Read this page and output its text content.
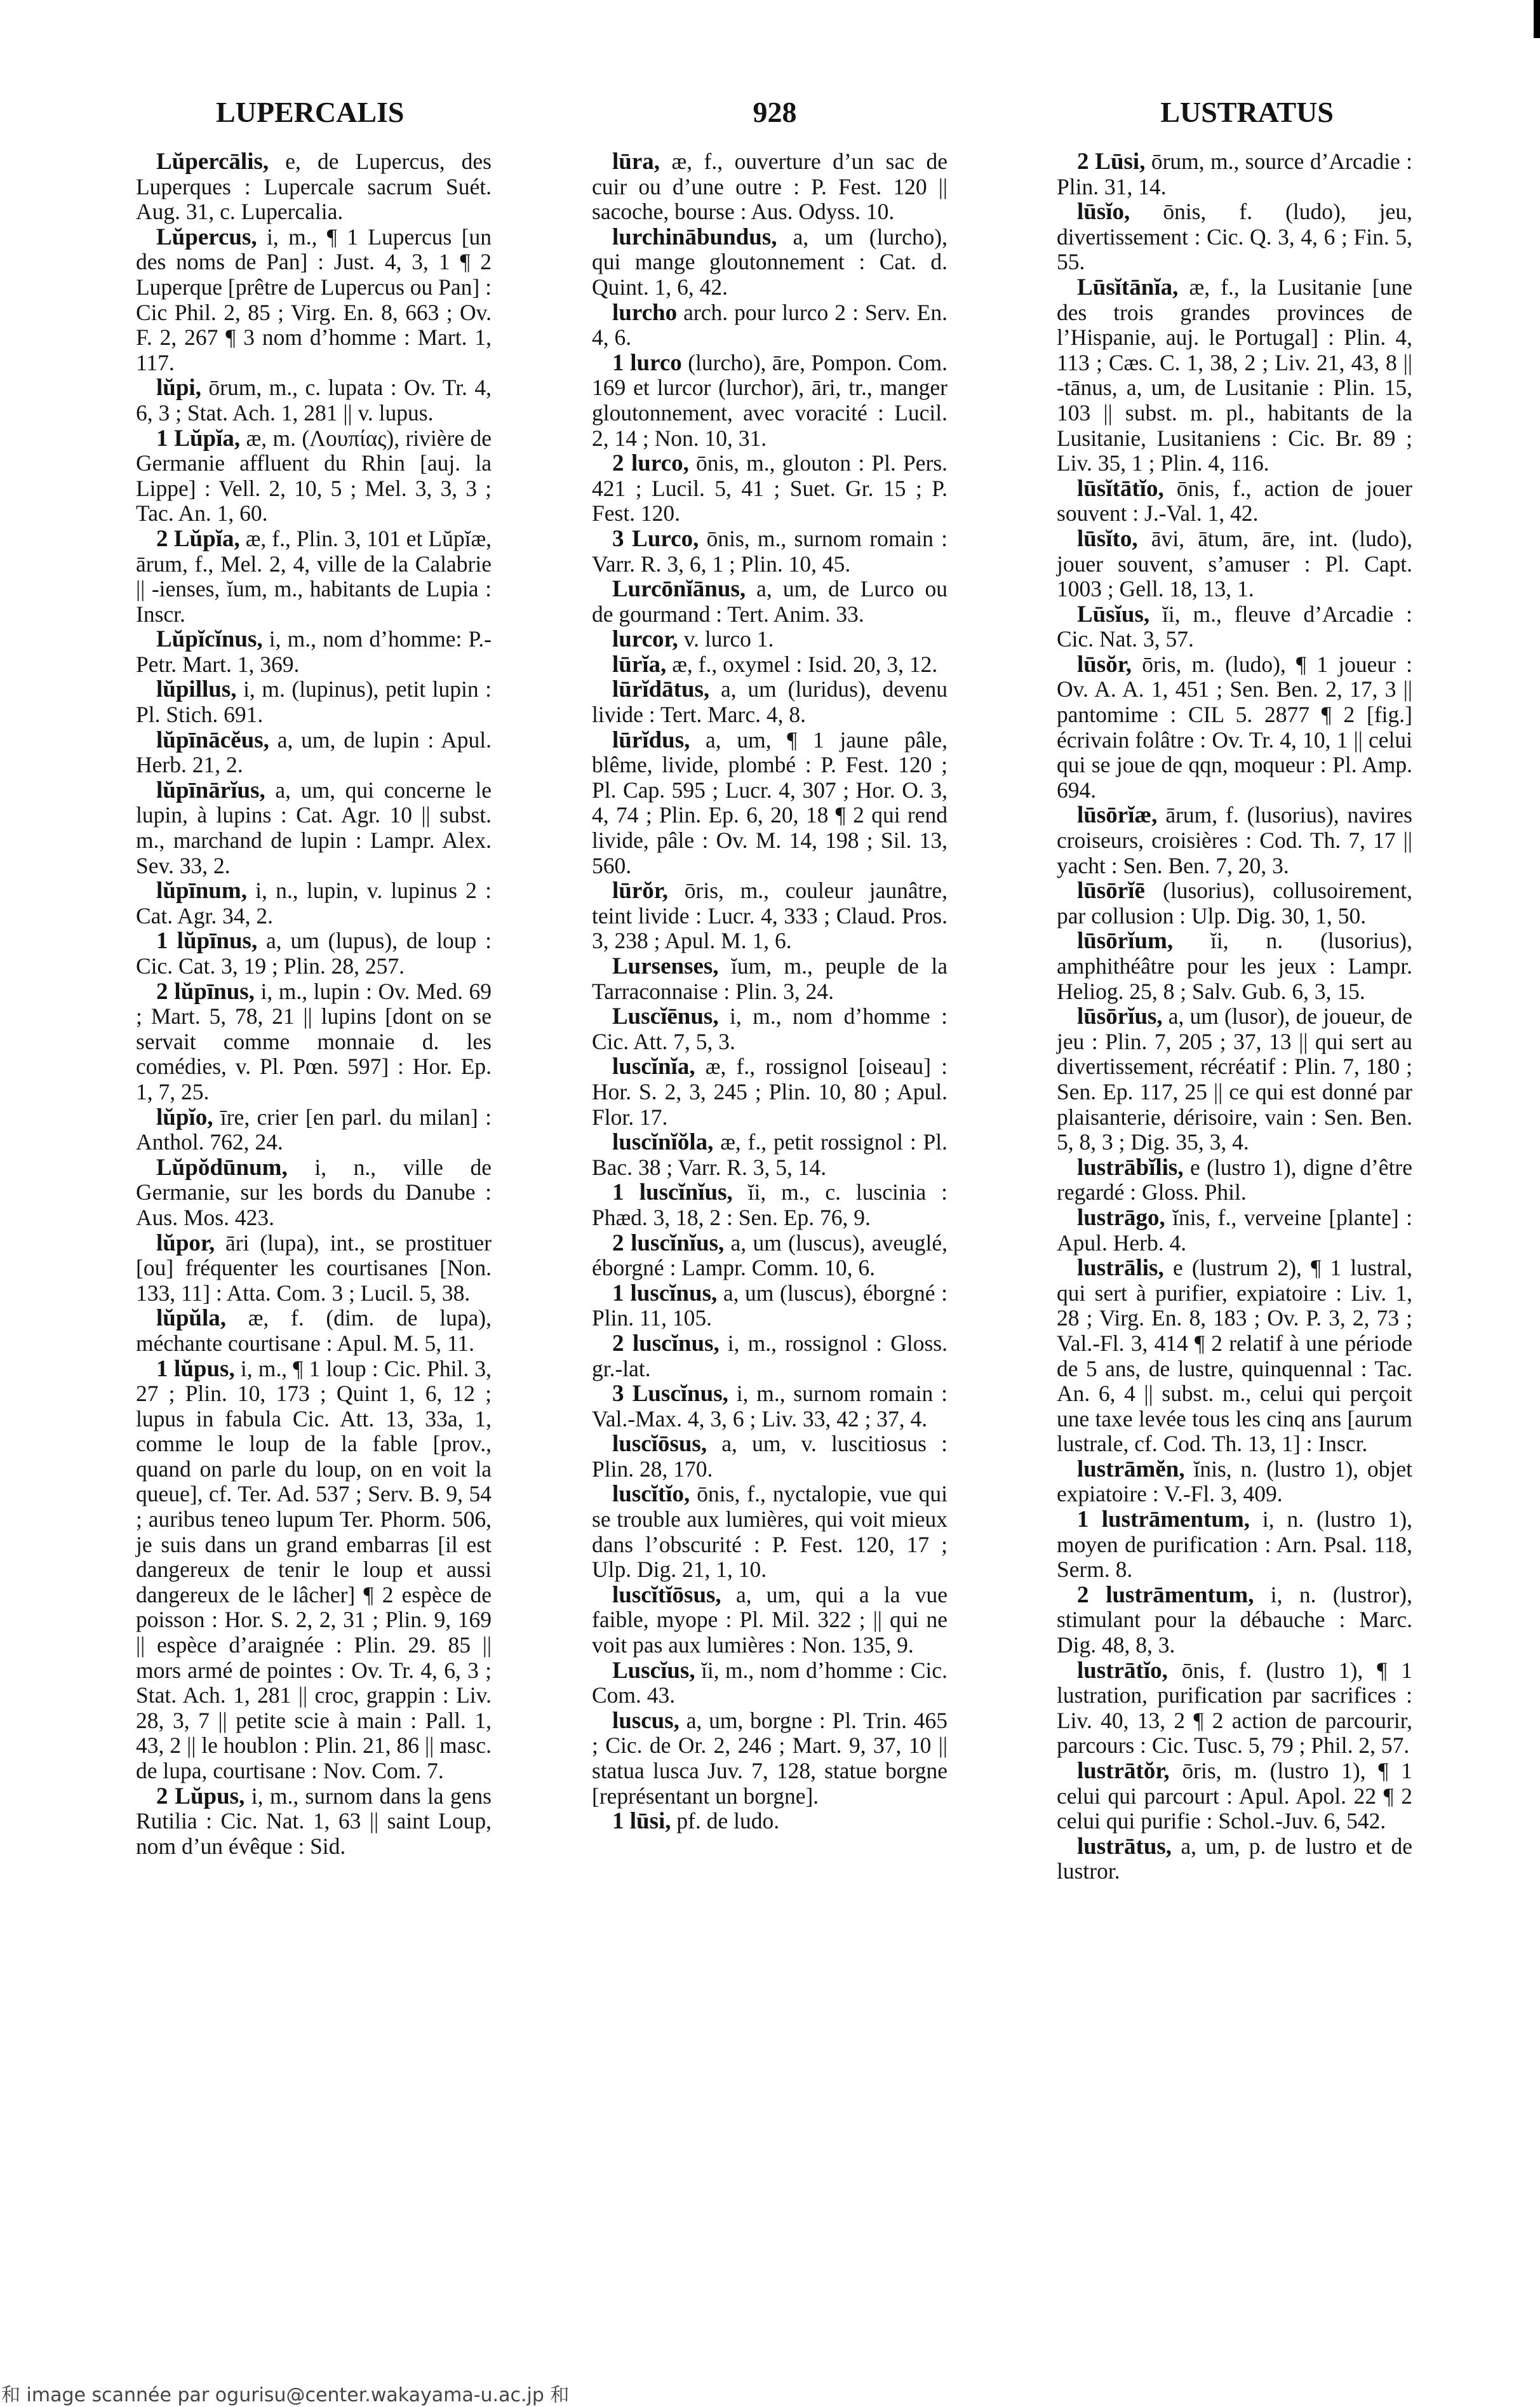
928
LUPERCALIS	LUSTRATUS

Lŭpercālis, e, de Lupercus, des Luperques : Lupercale sacrum Suét. Aug. 31, c. Lupercalia.

Lŭpercus, i, m., ¶ 1 Lupercus [un des noms de Pan] : Just. 4, 3, 1 ¶ 2 Luperque [prêtre de Lupercus ou Pan] : Cic Phil. 2, 85 ; Virg. En. 8, 663 ; Ov. F. 2, 267 ¶ 3 nom d’homme : Mart. 1, 117.

lŭpi, ōrum, m., c. lupata : Ov. Tr. 4, 6, 3 ; Stat. Ach. 1, 281 || v. lupus.

1 Lŭpĭa, æ, m. (Λουπίας), rivière de Germanie affluent du Rhin [auj. la Lippe] : Vell. 2, 10, 5 ; Mel. 3, 3, 3 ; Tac. An. 1, 60.

2 Lŭpĭa, æ, f., Plin. 3, 101 et Lŭpĭæ, ārum, f., Mel. 2, 4, ville de la Calabrie || -ienses, ĭum, m., habitants de Lupia : Inscr.

Lŭpĭcĭnus, i, m., nom d’homme: P.-Petr. Mart. 1, 369.

lŭpillus, i, m. (lupinus), petit lupin : Pl. Stich. 691.

lŭpīnācĕus, a, um, de lupin : Apul. Herb. 21, 2.

lŭpīnārĭus, a, um, qui concerne le lupin, à lupins : Cat. Agr. 10 || subst. m., marchand de lupin : Lampr. Alex. Sev. 33, 2.

lŭpīnum, i, n., lupin, v. lupinus 2 : Cat. Agr. 34, 2.

1 lŭpīnus, a, um (lupus), de loup : Cic. Cat. 3, 19 ; Plin. 28, 257.

2 lŭpīnus, i, m., lupin : Ov. Med. 69 ; Mart. 5, 78, 21 || lupins [dont on se servait comme monnaie d. les comédies, v. Pl. Pœn. 597] : Hor. Ep. 1, 7, 25.

lŭpĭo, īre, crier [en parl. du milan] : Anthol. 762, 24.

Lŭpŏdūnum, i, n., ville de Germanie, sur les bords du Danube : Aus. Mos. 423.

lŭpor, āri (lupa), int., se prostituer [ou] fréquenter les courtisanes [Non. 133, 11] : Atta. Com. 3 ; Lucil. 5, 38.

lŭpŭla, æ, f. (dim. de lupa), méchante courtisane : Apul. M. 5, 11.

1 lŭpus, i, m., ¶ 1 loup : Cic. Phil. 3, 27 ; Plin. 10, 173 ; Quint 1, 6, 12 ; lupus in fabula Cic. Att. 13, 33a, 1, comme le loup de la fable [prov., quand on parle du loup, on en voit la queue], cf. Ter. Ad. 537 ; Serv. B. 9, 54 ; auribus teneo lupum Ter. Phorm. 506, je suis dans un grand embarras [il est dangereux de tenir le loup et aussi dangereux de le lâcher] ¶ 2 espèce de poisson : Hor. S. 2, 2, 31 ; Plin. 9, 169 || espèce d’araignée : Plin. 29. 85 || mors armé de pointes : Ov. Tr. 4, 6, 3 ; Stat. Ach. 1, 281 || croc, grappin : Liv. 28, 3, 7 || petite scie à main : Pall. 1, 43, 2 || le houblon : Plin. 21, 86 || masc. de lupa, courtisane : Nov. Com. 7.

2 Lŭpus, i, m., surnom dans la gens Rutilia : Cic. Nat. 1, 63 || saint Loup, nom d’un évêque : Sid.

lūra, æ, f., ouverture d’un sac de cuir ou d’une outre : P. Fest. 120 || sacoche, bourse : Aus. Odyss. 10.

lurchinābundus, a, um (lurcho), qui mange gloutonnement : Cat. d. Quint. 1, 6, 42.

lurcho arch. pour lurco 2 : Serv. En. 4, 6.

1 lurco (lurcho), āre, Pompon. Com. 169 et lurcor (lurchor), āri, tr., manger gloutonnement, avec voracité : Lucil. 2, 14 ; Non. 10, 31.

2 lurco, ōnis, m., glouton : Pl. Pers. 421 ; Lucil. 5, 41 ; Suet. Gr. 15 ; P. Fest. 120.

3 Lurco, ōnis, m., surnom romain : Varr. R. 3, 6, 1 ; Plin. 10, 45.

Lurcōnĭānus, a, um, de Lurco ou de gourmand : Tert. Anim. 33.

lurcor, v. lurco 1.

lūrĭa, æ, f., oxymel : Isid. 20, 3, 12.

lūrĭdātus, a, um (luridus), devenu livide : Tert. Marc. 4, 8.

lūrĭdus, a, um, ¶ 1 jaune pâle, blême, livide, plombé : P. Fest. 120 ; Pl. Cap. 595 ; Lucr. 4, 307 ; Hor. O. 3, 4, 74 ; Plin. Ep. 6, 20, 18 ¶ 2 qui rend livide, pâle : Ov. M. 14, 198 ; Sil. 13, 560.

lūrŏr, ōris, m., couleur jaunâtre, teint livide : Lucr. 4, 333 ; Claud. Pros. 3, 238 ; Apul. M. 1, 6.

Lursenses, ĭum, m., peuple de la Tarraconnaise : Plin. 3, 24.

Luscĭēnus, i, m., nom d’homme : Cic. Att. 7, 5, 3.

luscĭnĭa, æ, f., rossignol [oiseau] : Hor. S. 2, 3, 245 ; Plin. 10, 80 ; Apul. Flor. 17.

luscĭnĭŏla, æ, f., petit rossignol : Pl. Bac. 38 ; Varr. R. 3, 5, 14.

1 luscĭnĭus, ĭi, m., c. luscinia : Phæd. 3, 18, 2 : Sen. Ep. 76, 9.

2 luscĭnĭus, a, um (luscus), aveuglé, éborgné : Lampr. Comm. 10, 6.

1 luscĭnus, a, um (luscus), éborgné : Plin. 11, 105.

2 luscĭnus, i, m., rossignol : Gloss. gr.-lat.

3 Luscĭnus, i, m., surnom romain : Val.-Max. 4, 3, 6 ; Liv. 33, 42 ; 37, 4.

luscĭōsus, a, um, v. luscitiosus : Plin. 28, 170.

luscĭtĭo, ōnis, f., nyctalopie, vue qui se trouble aux lumières, qui voit mieux dans l’obscurité : P. Fest. 120, 17 ; Ulp. Dig. 21, 1, 10.

luscĭtĭōsus, a, um, qui a la vue faible, myope : Pl. Mil. 322 ; || qui ne voit pas aux lumières : Non. 135, 9.

Luscĭus, ĭi, m., nom d’homme : Cic. Com. 43.

luscus, a, um, borgne : Pl. Trin. 465 ; Cic. de Or. 2, 246 ; Mart. 9, 37, 10 || statua lusca Juv. 7, 128, statue borgne [représentant un borgne].

1 lūsi, pf. de ludo.

2 Lūsi, ōrum, m., source d’Arcadie : Plin. 31, 14.

lūsĭo, ōnis, f. (ludo), jeu, divertissement : Cic. Q. 3, 4, 6 ; Fin. 5, 55.

Lūsĭtānĭa, æ, f., la Lusitanie [une des trois grandes provinces de l’Hispanie, auj. le Portugal] : Plin. 4, 113 ; Cæs. C. 1, 38, 2 ; Liv. 21, 43, 8 || -tānus, a, um, de Lusitanie : Plin. 15, 103 || subst. m. pl., habitants de la Lusitanie, Lusitaniens : Cic. Br. 89 ; Liv. 35, 1 ; Plin. 4, 116.

lūsĭtātĭo, ōnis, f., action de jouer souvent : J.-Val. 1, 42.

lūsĭto, āvi, ātum, āre, int. (ludo), jouer souvent, s’amuser : Pl. Capt. 1003 ; Gell. 18, 13, 1.

Lūsĭus, ĭi, m., fleuve d’Arcadie : Cic. Nat. 3, 57.

lūsŏr, ōris, m. (ludo), ¶ 1 joueur : Ov. A. A. 1, 451 ; Sen. Ben. 2, 17, 3 || pantomime : CIL 5. 2877 ¶ 2 [fig.] écrivain folâtre : Ov. Tr. 4, 10, 1 || celui qui se joue de qqn, moqueur : Pl. Amp. 694.

lūsōrĭæ, ārum, f. (lusorius), navires croiseurs, croisières : Cod. Th. 7, 17 || yacht : Sen. Ben. 7, 20, 3.

lūsōrĭē (lusorius), collusoirement, par collusion : Ulp. Dig. 30, 1, 50.

lūsōrĭum, ĭi, n. (lusorius), amphithéâtre pour les jeux : Lampr. Heliog. 25, 8 ; Salv. Gub. 6, 3, 15.

lūsōrĭus, a, um (lusor), de joueur, de jeu : Plin. 7, 205 ; 37, 13 || qui sert au divertissement, récréatif : Plin. 7, 180 ; Sen. Ep. 117, 25 || ce qui est donné par plaisanterie, dérisoire, vain : Sen. Ben. 5, 8, 3 ; Dig. 35, 3, 4.

lustrābĭlis, e (lustro 1), digne d’être regardé : Gloss. Phil.

lustrāgo, ĭnis, f., verveine [plante] : Apul. Herb. 4.

lustrālis, e (lustrum 2), ¶ 1 lustral, qui sert à purifier, expiatoire : Liv. 1, 28 ; Virg. En. 8, 183 ; Ov. P. 3, 2, 73 ; Val.-Fl. 3, 414 ¶ 2 relatif à une période de 5 ans, de lustre, quinquennal : Tac. An. 6, 4 || subst. m., celui qui perçoit une taxe levée tous les cinq ans [aurum lustrale, cf. Cod. Th. 13, 1] : Inscr.

lustrāmĕn, ĭnis, n. (lustro 1), objet expiatoire : V.-Fl. 3, 409.

1 lustrāmentum, i, n. (lustro 1), moyen de purification : Arn. Psal. 118, Serm. 8.

2 lustrāmentum, i, n. (lustror), stimulant pour la débauche : Marc. Dig. 48, 8, 3.

lustrātĭo, ōnis, f. (lustro 1), ¶ 1 lustration, purification par sacrifices : Liv. 40, 13, 2 ¶ 2 action de parcourir, parcours : Cic. Tusc. 5, 79 ; Phil. 2, 57.

lustrātŏr, ōris, m. (lustro 1), ¶ 1 celui qui parcourt : Apul. Apol. 22 ¶ 2 celui qui purifie : Schol.-Juv. 6, 542.

lustrātus, a, um, p. de lustro et de lustror.

和 image scannée par ogurisu@center.wakayama-u.ac.jp 和
